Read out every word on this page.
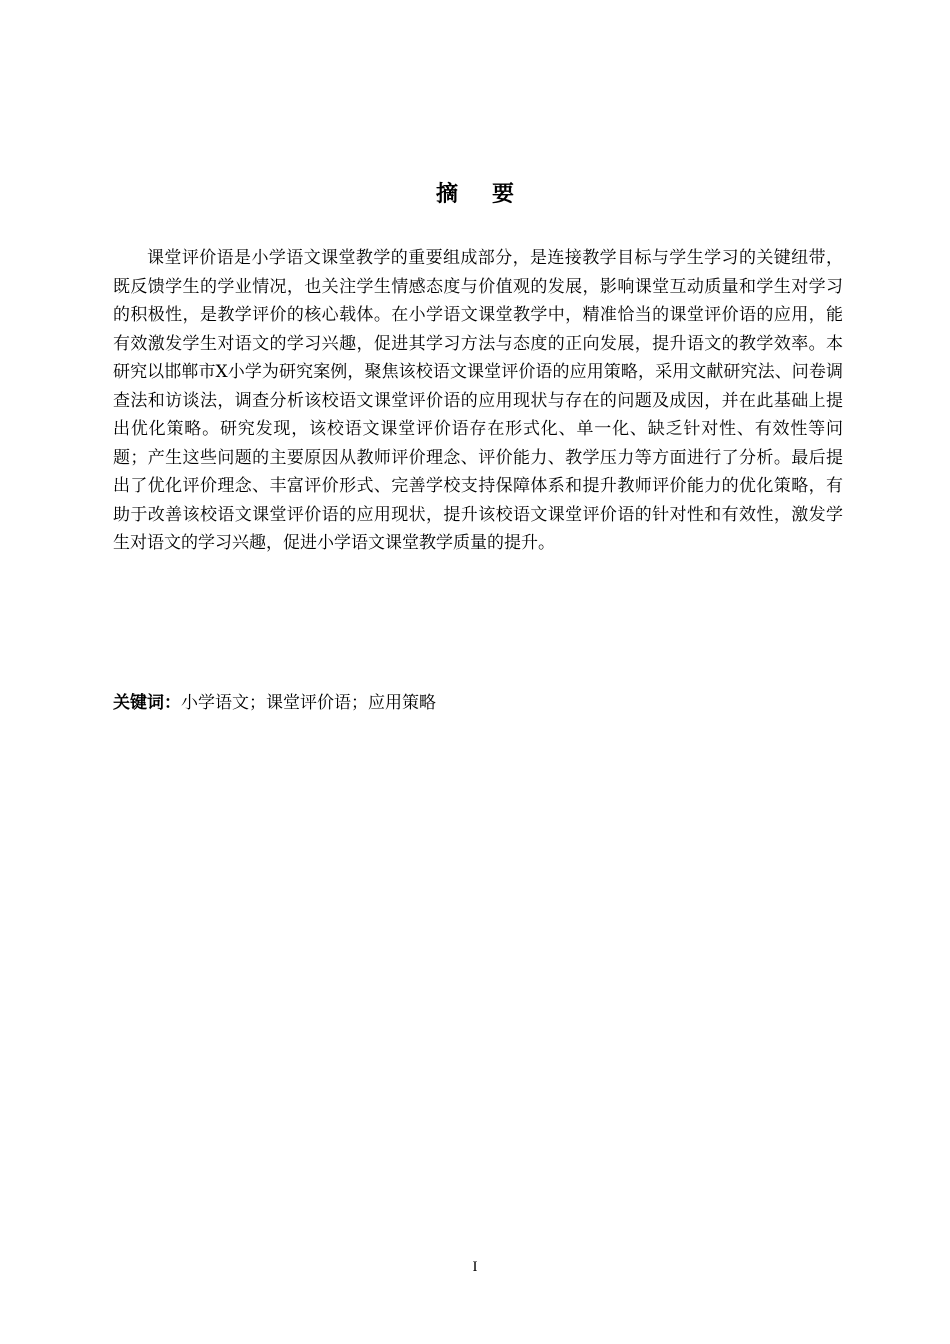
摘要

课堂评价语是小学语文课堂教学的重要组成部分，是连接教学目标与学生学习的关键纽带，既反馈学生的学业情况，也关注学生情感态度与价值观的发展，影响课堂互动质量和学生对学习的积极性，是教学评价的核心载体。在小学语文课堂教学中，精准恰当的课堂评价语的应用，能有效激发学生对语文的学习兴趣，促进其学习方法与态度的正向发展，提升语文的教学效率。本研究以邯郸市X小学为研究案例，聚焦该校语文课堂评价语的应用策略，采用文献研究法、问卷调查法和访谈法，调查分析该校语文课堂评价语的应用现状与存在的问题及成因，并在此基础上提出优化策略。研究发现，该校语文课堂评价语存在形式化、单一化、缺乏针对性、有效性等问题；产生这些问题的主要原因从教师评价理念、评价能力、教学压力等方面进行了分析。最后提出了优化评价理念、丰富评价形式、完善学校支持保障体系和提升教师评价能力的优化策略，有助于改善该校语文课堂评价语的应用现状，提升该校语文课堂评价语的针对性和有效性，激发学生对语文的学习兴趣，促进小学语文课堂教学质量的提升。

关键词：小学语文；课堂评价语；应用策略
I
